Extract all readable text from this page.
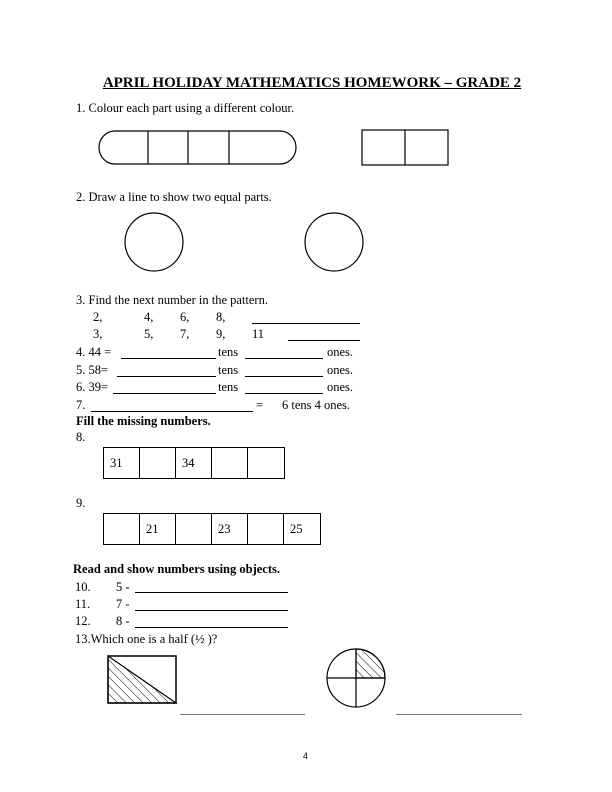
APRIL HOLIDAY MATHEMATICS HOMEWORK – GRADE 2
1. Colour each part using a different colour.
2. Draw a line to show two equal parts.
3. Find the next number in the pattern.
2,	4, 6, 8,
3,	5, 7, 9, 11
4. 44 =	tens	ones.
5. 58=	tens	ones.
6. 39=	tens	ones.
7.	= 6 tens 4 ones.
Fill the missing numbers.
8.
31	34
9.
21	23	25
Read and show numbers using objects.
10. 5 -
11. 7 -
12. 8 -
13.Which one is a half (½ )?
4
